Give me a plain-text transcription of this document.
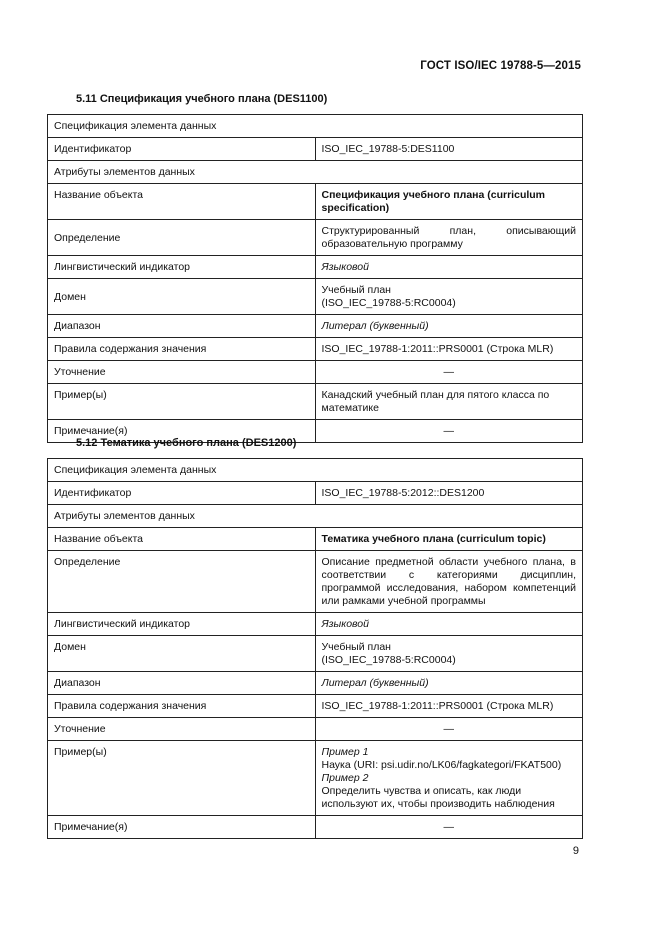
ГОСТ ISO/IEC 19788-5—2015
5.11 Спецификация учебного плана (DES1100)
Спецификация элемента данных	
Идентификатор	ISO_IEC_19788-5:DES1100
Атрибуты элементов данных	
Название объекта	Спецификация учебного плана (curriculum specification)
Определение	Структурированный план, описывающий образовательную программу
Лингвистический индикатор	Языковой
Домен	Учебный план
(ISO_IEC_19788-5:RC0004)

Диапазон	Литерал (буквенный)
Правила содержания значения	ISO_IEC_19788-1:2011::PRS0001 (Строка MLR)
Уточнение	—
Пример(ы)	Канадский учебный план для пятого класса по математике
Примечание(я)	—
5.12 Тематика учебного плана (DES1200)
Спецификация элемента данных	
Идентификатор	ISO_IEC_19788-5:2012::DES1200
Атрибуты элементов данных	
Название объекта	Тематика учебного плана (curriculum topic)
Определение	Описание предметной области учебного плана, в соответствии с категориями дисциплин, программой исследования, набором компетенций или рамками учебной программы
Лингвистический индикатор	Языковой
Домен	Учебный план
(ISO_IEC_19788-5:RC0004)

Диапазон	Литерал (буквенный)
Правила содержания значения	ISO_IEC_19788-1:2011::PRS0001 (Строка MLR)
Уточнение	—
Пример(ы)	Пример 1
Наука (URI: psi.udir.no/LK06/fagkategori/FKAT500)
Пример 2
Определить чувства и описать, как люди используют их, чтобы производить наблюдения

Примечание(я)	—
9
